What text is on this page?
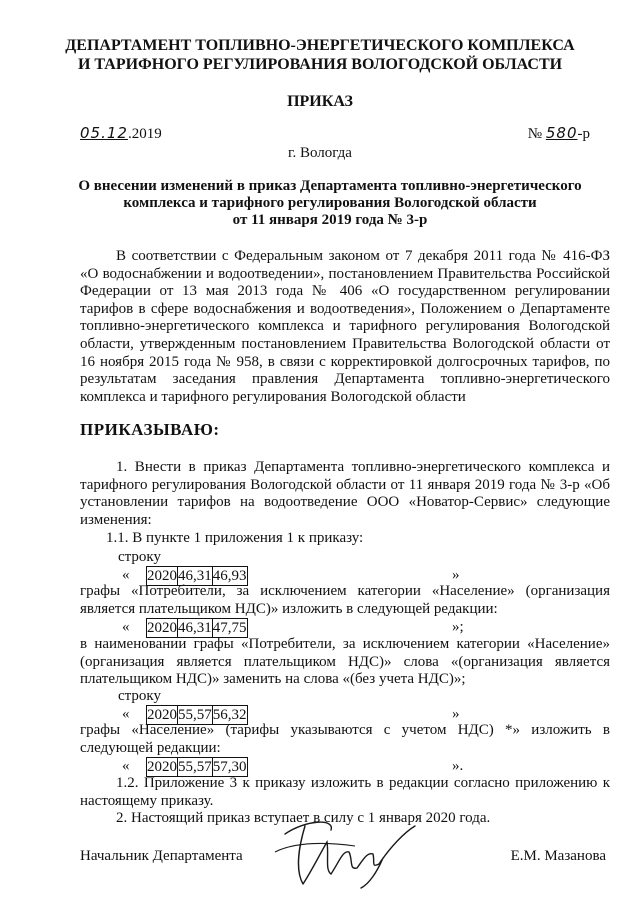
ДЕПАРТАМЕНТ ТОПЛИВНО-ЭНЕРГЕТИЧЕСКОГО КОМПЛЕКСА
И ТАРИФНОГО РЕГУЛИРОВАНИЯ ВОЛОГОДСКОЙ ОБЛАСТИ
ПРИКАЗ
05.12.2019	№ 580-р
г. Вологда
О внесении изменений в приказ Департамента топливно-энергетического
комплекса и тарифного регулирования Вологодской области
от 11 января 2019 года № 3-р
В соответствии с Федеральным законом от 7 декабря 2011 года № 416-ФЗ «О водоснабжении и водоотведении», постановлением Правительства Российской Федерации от 13 мая 2013 года № 406 «О государственном регулировании тарифов в сфере водоснабжения и водоотведения», Положением о Департаменте топливно-энергетического комплекса и тарифного регулирования Вологодской области, утвержденным постановлением Правительства Вологодской области от 16 ноября 2015 года № 958, в связи с корректировкой долгосрочных тарифов, по результатам заседания правления Департамента топливно-энергетического комплекса и тарифного регулирования Вологодской области
ПРИКАЗЫВАЮ:
1. Внести в приказ Департамента топливно-энергетического комплекса и тарифного регулирования Вологодской области от 11 января 2019 года № 3-р «Об установлении тарифов на водоотведение ООО «Новатор-Сервис» следующие изменения:
1.1. В пункте 1 приложения 1 к приказу:
строку
« 2020	46,31	46,93	»
графы «Потребители, за исключением категории «Население» (организация является плательщиком НДС)» изложить в следующей редакции:
« 2020	46,31	47,75	»;
в наименовании графы «Потребители, за исключением категории «Население» (организация является плательщиком НДС)» слова «(организация является плательщиком НДС)» заменить на слова «(без учета НДС)»;
строку
« 2020	55,57	56,32	»
графы «Население» (тарифы указываются с учетом НДС) *» изложить в следующей редакции:
« 2020	55,57	57,30	».
1.2. Приложение 3 к приказу изложить в редакции согласно приложению к настоящему приказу.
2. Настоящий приказ вступает в силу с 1 января 2020 года.
Начальник Департамента	Е.М. Мазанова
